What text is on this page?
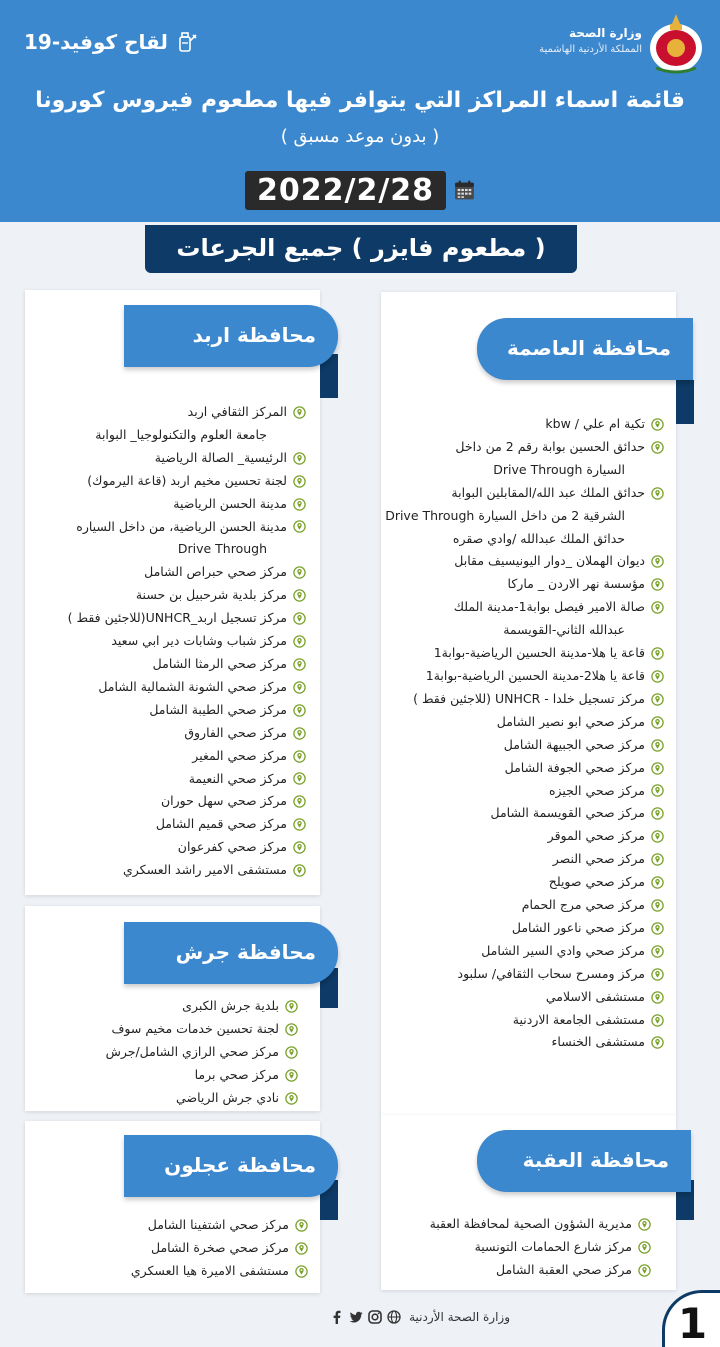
وزارة الصحة
المملكة الأردنية الهاشمية
لقاح كوفيد-19
قائمة اسماء المراكز التي يتوافر فيها مطعوم فيروس كورونا
( بدون موعد مسبق )
2022/2/28
( مطعوم فايزر ) جميع الجرعات
محافظة العاصمة
تكية ام علي / kbw
حدائق الحسين بوابة رقم 2 من داخل
السيارة Drive Through
حدائق الملك عبد الله/المقابلين البوابة
الشرقية 2 من داخل السيارة Drive Through
حدائق الملك عبدالله /وادي صقره
ديوان الهملان _دوار اليونيسيف مقابل
مؤسسة نهر الاردن _ ماركا
صالة الامير فيصل بوابة1-مدينة الملك
عبدالله الثاني-القويسمة
قاعة يا هلا-مدينة الحسين الرياضية-بوابة1
قاعة يا هلا2-مدينة الحسين الرياضية-بوابة1
مركز تسجيل خلدا - UNHCR (للاجئين فقط )
مركز صحي ابو نصير الشامل
مركز صحي الجبيهة الشامل
مركز صحي الجوفة الشامل
مركز صحي الجيزه
مركز صحي القويسمة الشامل
مركز صحي الموقر
مركز صحي النصر
مركز صحي صويلح
مركز صحي مرج الحمام
مركز صحي ناعور الشامل
مركز صحي وادي السير الشامل
مركز ومسرح سحاب الثقافي/ سلبود
مستشفى الاسلامي
مستشفى الجامعة الاردنية
مستشفى الخنساء
محافظة اربد
المركز الثقافي اربد
جامعة العلوم والتكنولوجيا_ البوابة
الرئيسية_ الصالة الرياضية
لجنة تحسين مخيم اربد (قاعة اليرموك)
مدينة الحسن الرياضية
مدينة الحسن الرياضية، من داخل السياره
Drive Through
مركز صحي حبراص الشامل
مركز بلدية شرحبيل بن حسنة
مركز تسجيل اربد_UNHCR(للاجئين فقط )
مركز شباب وشابات دير ابي سعيد
مركز صحي الرمثا الشامل
مركز صحي الشونة الشمالية الشامل
مركز صحي الطيبة الشامل
مركز صحي الفاروق
مركز صحي المغير
مركز صحي النعيمة
مركز صحي سهل حوران
مركز صحي قميم الشامل
مركز صحي كفرعوان
مستشفى الامير راشد العسكري
محافظة جرش
بلدية جرش الكبرى
لجنة تحسين خدمات مخيم سوف
مركز صحي الرازي الشامل/جرش
مركز صحي برما
نادي جرش الرياضي
محافظة العقبة
مديرية الشؤون الصحية لمحافظة العقبة
مركز شارع الحمامات التونسية
مركز صحي العقبة الشامل
محافظة عجلون
مركز صحي اشتفينا الشامل
مركز صحي صخرة الشامل
مستشفى الاميرة هيا العسكري
وزارة الصحة الأردنية	1
